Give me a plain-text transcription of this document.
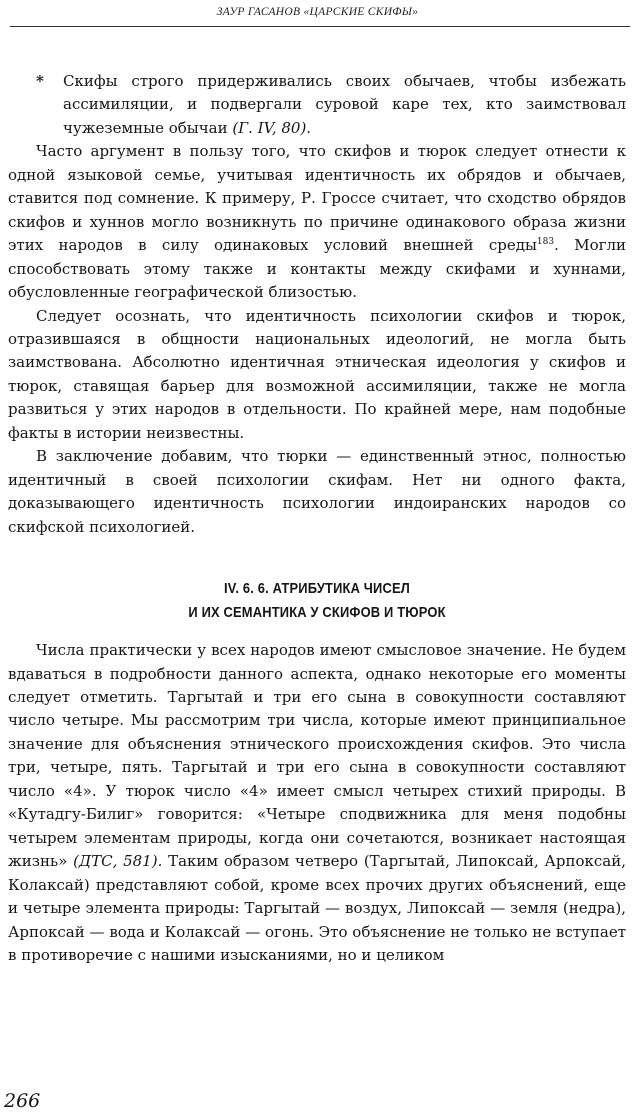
ЗАУР ГАСАНОВ «ЦАРСКИЕ СКИФЫ»
* Скифы строго придерживались своих обычаев, чтобы избежать ассимиляции, и подвергали суровой каре тех, кто заимствовал чужеземные обычаи (Г. IV, 80).

Часто аргумент в пользу того, что скифов и тюрок следует отнести к одной языковой семье, учитывая идентичность их обрядов и обычаев, ставится под сомнение. К примеру, Р. Гроссе считает, что сходство обрядов скифов и хуннов могло возникнуть по причине одинакового образа жизни этих народов в силу одинаковых условий внешней среды$^{183}$. Могли способствовать этому также и контакты между скифами и хуннами, обусловленные географической близостью.

Следует осознать, что идентичность психологии скифов и тюрок, отразившаяся в общности национальных идеологий, не могла быть заимствована. Абсолютно идентичная этническая идеология у скифов и тюрок, ставящая барьер для возможной ассимиляции, также не могла развиться у этих народов в отдельности. По крайней мере, нам подобные факты в истории неизвестны.

В заключение добавим, что тюрки — единственный этнос, полностью идентичный в своей психологии скифам. Нет ни одного факта, доказывающего идентичность психологии индоиранских народов со скифской психологией.

IV. 6. 6. АТРИБУТИКА ЧИСЕЛ
И ИХ СЕМАНТИКА У СКИФОВ И ТЮРОК

Числа практически у всех народов имеют смысловое значение. Не будем вдаваться в подробности данного аспекта, однако некоторые его моменты следует отметить. Таргытай и три его сына в совокупности составляют число четыре. Мы рассмотрим три числа, которые имеют принципиальное значение для объяснения этнического происхождения скифов. Это числа три, четыре, пять. Таргытай и три его сына в совокупности составляют число «4». У тюрок число «4» имеет смысл четырех стихий природы. В «Кутадгу-Билиг» говорится: «Четыре сподвижника для меня подобны четырем элементам природы, когда они сочетаются, возникает настоящая жизнь» (ДТС, 581). Таким образом четверо (Таргытай, Липоксай, Арпоксай, Колаксай) представляют собой, кроме всех прочих других объяснений, еще и четыре элемента природы: Таргытай — воздух, Липоксай — земля (недра), Арпоксай — вода и Колаксай — огонь. Это объяснение не только не вступает в противоречие с нашими изысканиями, но и целиком

266
